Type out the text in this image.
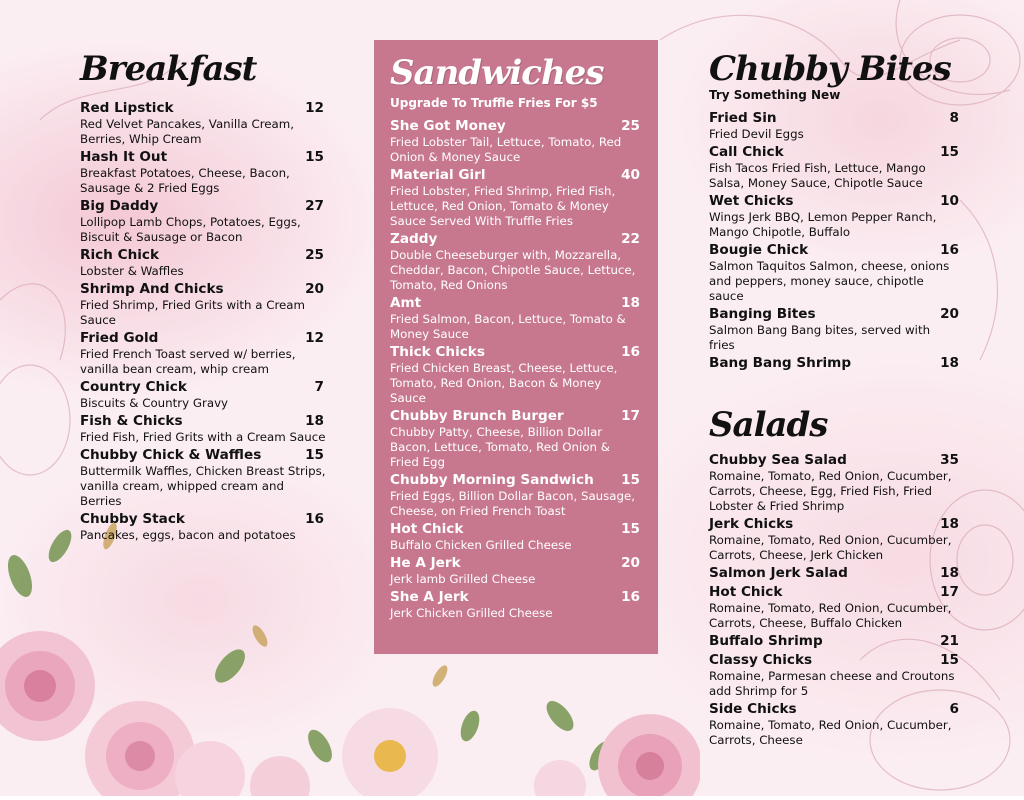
Breakfast
Red Lipstick	12
Red Velvet Pancakes, Vanilla Cream, Berries, Whip Cream
Hash It Out	15
Breakfast Potatoes, Cheese, Bacon, Sausage & 2 Fried Eggs
Big Daddy	27
Lollipop Lamb Chops, Potatoes, Eggs, Biscuit & Sausage or Bacon
Rich Chick	25
Lobster & Waffles
Shrimp And Chicks	20
Fried Shrimp, Fried Grits with a Cream Sauce
Fried Gold	12
Fried French Toast served w/ berries, vanilla bean cream, whip cream
Country Chick	7
Biscuits & Country Gravy
Fish & Chicks	18
Fried Fish, Fried Grits with a Cream Sauce
Chubby Chick & Waffles	15
Buttermilk Waffles, Chicken Breast Strips, vanilla cream, whipped cream and Berries
Chubby Stack	16
Pancakes, eggs, bacon and potatoes
Sandwiches
Upgrade To Truffle Fries For $5
She Got Money	25
Fried Lobster Tail, Lettuce, Tomato, Red Onion & Money Sauce
Material Girl	40
Fried Lobster, Fried Shrimp, Fried Fish, Lettuce, Red Onion, Tomato & Money Sauce Served With Truffle Fries
Zaddy	22
Double Cheeseburger with, Mozzarella, Cheddar, Bacon, Chipotle Sauce, Lettuce, Tomato, Red Onions
Amt	18
Fried Salmon, Bacon, Lettuce, Tomato & Money Sauce
Thick Chicks	16
Fried Chicken Breast, Cheese, Lettuce, Tomato, Red Onion, Bacon & Money Sauce
Chubby Brunch Burger	17
Chubby Patty, Cheese, Billion Dollar Bacon, Lettuce, Tomato, Red Onion & Fried Egg
Chubby Morning Sandwich 15
Fried Eggs, Billion Dollar Bacon, Sausage, Cheese, on Fried French Toast
Hot Chick	15
Buffalo Chicken Grilled Cheese
He A Jerk	20
Jerk lamb Grilled Cheese
She A Jerk	16
Jerk Chicken Grilled Cheese
Chubby Bites
Try Something New
Fried Sin	8
Fried Devil Eggs
Call Chick	15
Fish Tacos Fried Fish, Lettuce, Mango Salsa, Money Sauce, Chipotle Sauce
Wet Chicks	10
Wings Jerk BBQ, Lemon Pepper Ranch, Mango Chipotle, Buffalo
Bougie Chick	16
Salmon Taquitos Salmon, cheese, onions and peppers, money sauce, chipotle sauce
Banging Bites	20
Salmon Bang Bang bites, served with fries
Bang Bang Shrimp	18
Salads
Chubby Sea Salad	35
Romaine, Tomato, Red Onion, Cucumber, Carrots, Cheese, Egg, Fried Fish, Fried Lobster & Fried Shrimp
Jerk Chicks	18
Romaine, Tomato, Red Onion, Cucumber, Carrots, Cheese, Jerk Chicken
Salmon Jerk Salad	18
Hot Chick	17
Romaine, Tomato, Red Onion, Cucumber, Carrots, Cheese, Buffalo Chicken
Buffalo Shrimp	21
Classy Chicks	15
Romaine, Parmesan cheese and Croutons add Shrimp for 5
Side Chicks	6
Romaine, Tomato, Red Onion, Cucumber, Carrots, Cheese
